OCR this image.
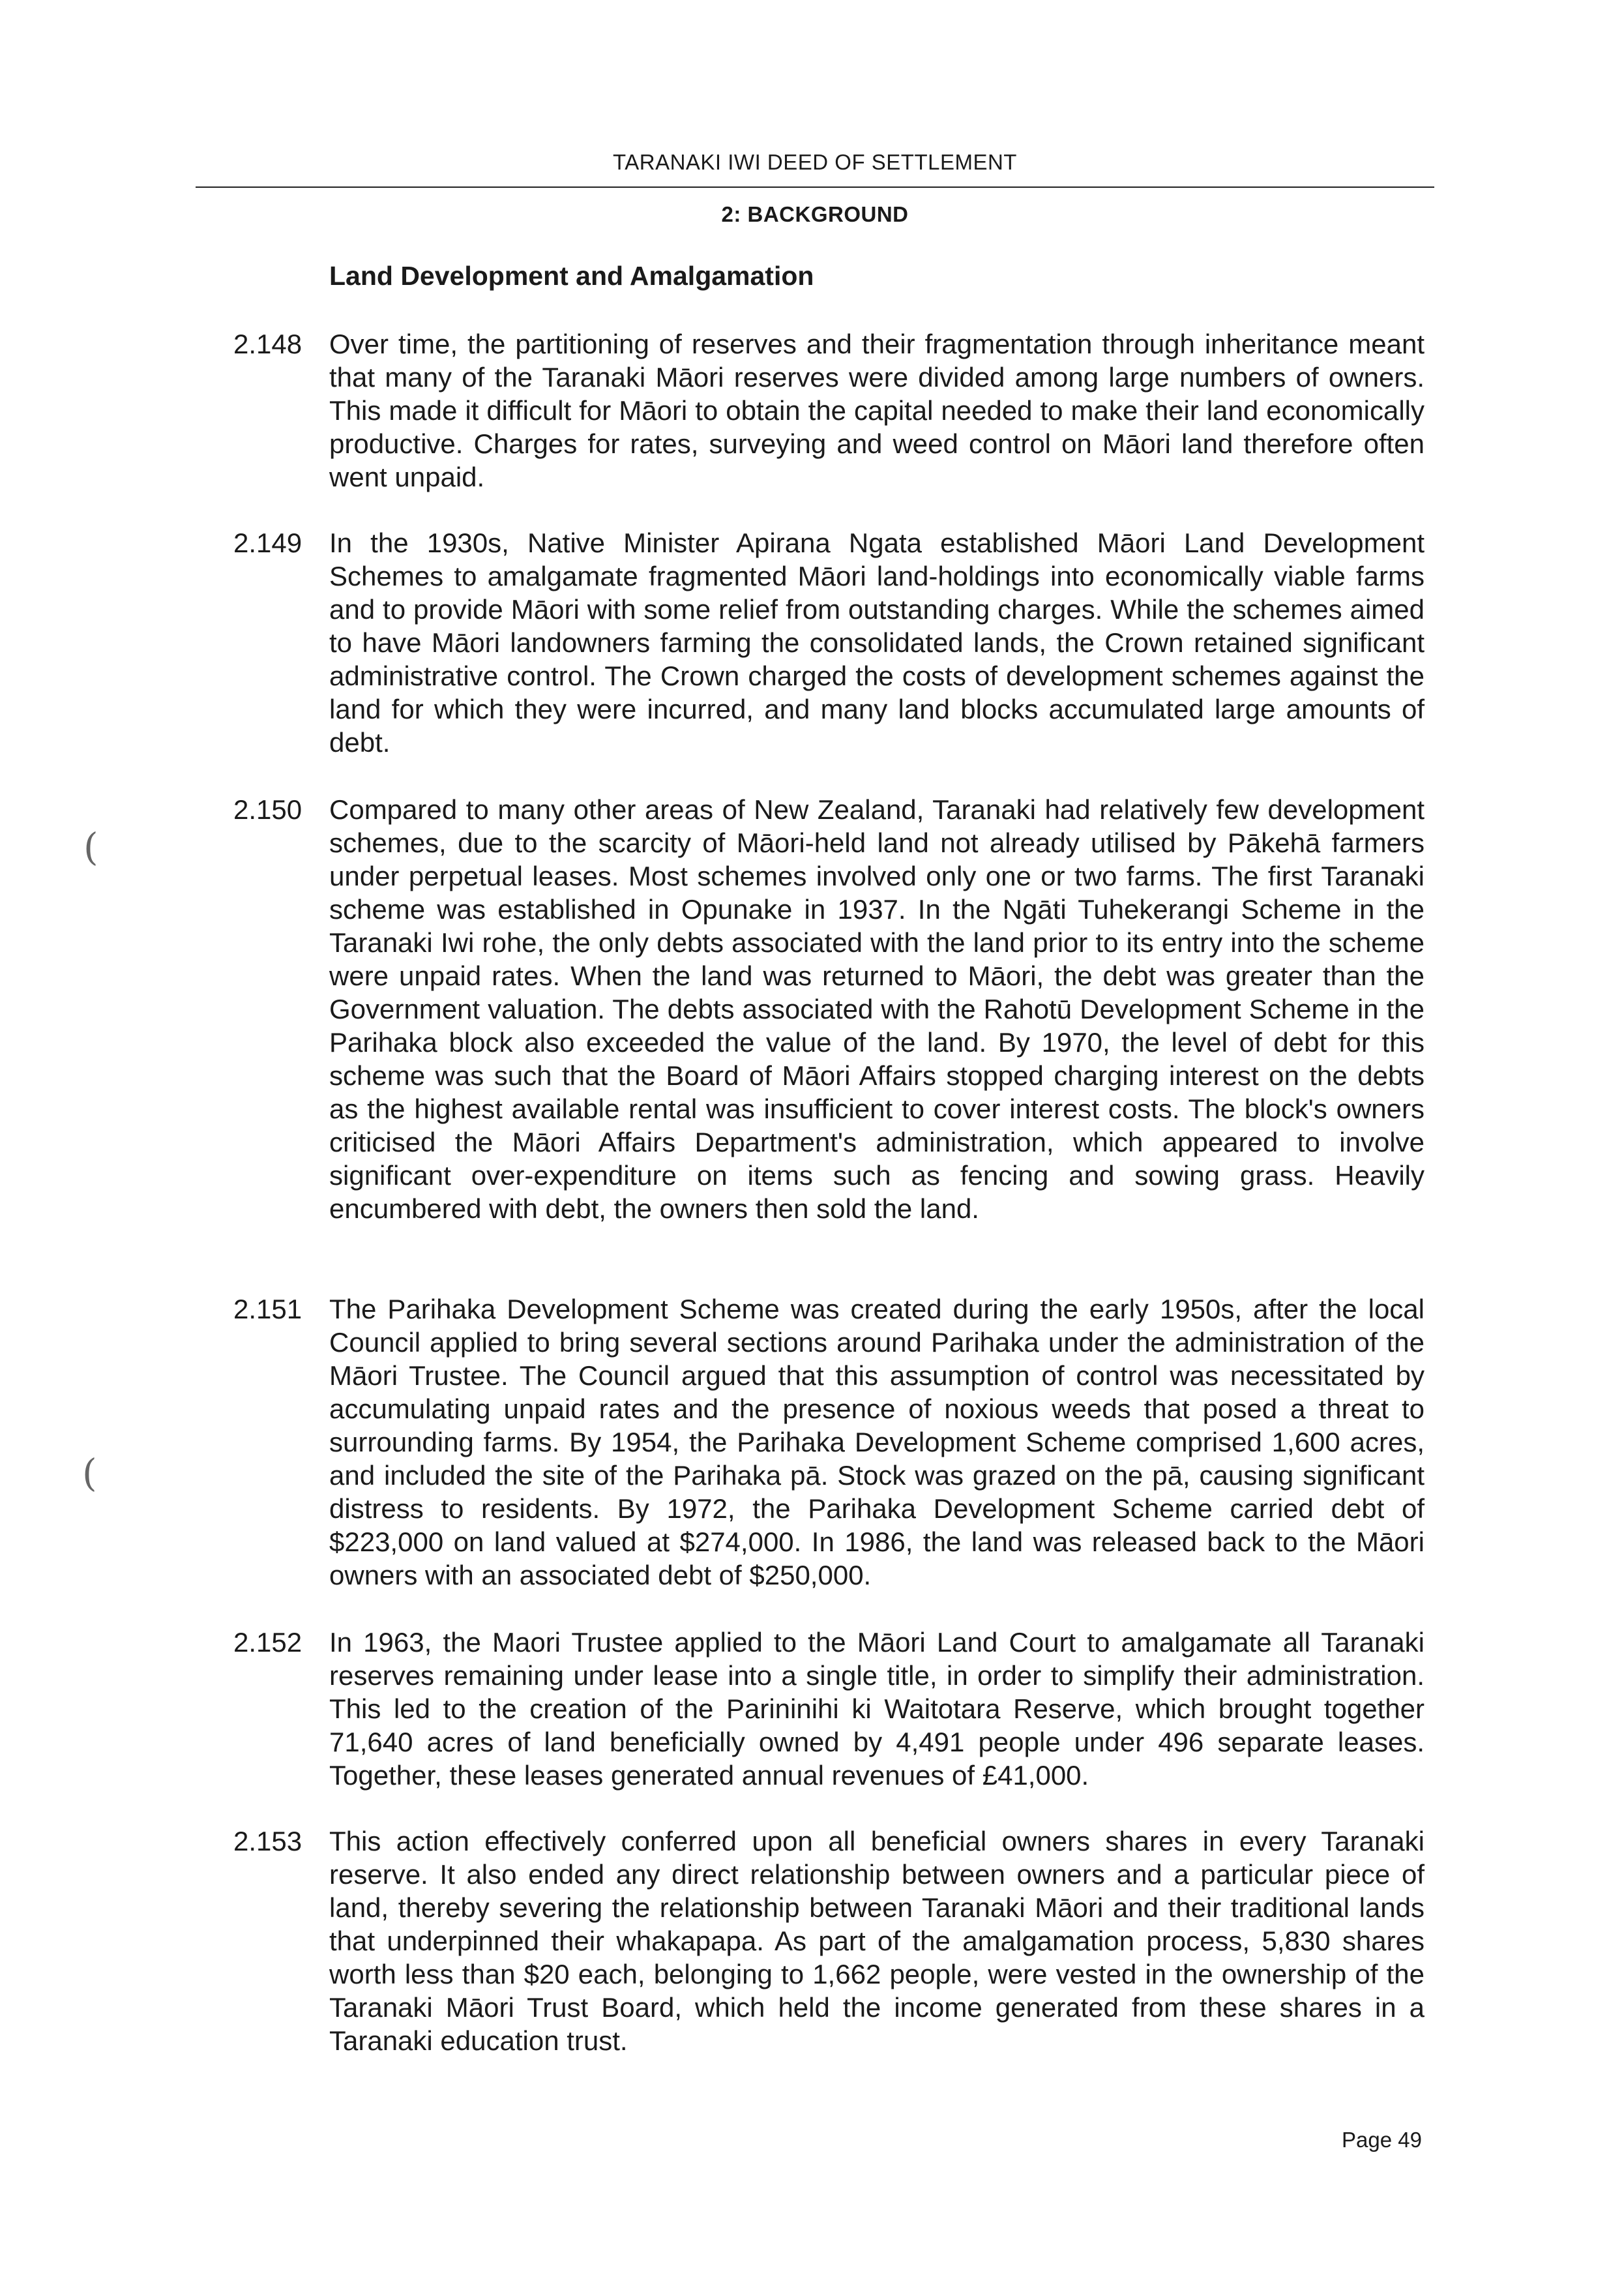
TARANAKI IWI DEED OF SETTLEMENT
2: BACKGROUND
Land Development and Amalgamation
2.148 Over time, the partitioning of reserves and their fragmentation through inheritance meant that many of the Taranaki Māori reserves were divided among large numbers of owners. This made it difficult for Māori to obtain the capital needed to make their land economically productive. Charges for rates, surveying and weed control on Māori land therefore often went unpaid.
2.149 In the 1930s, Native Minister Apirana Ngata established Māori Land Development Schemes to amalgamate fragmented Māori land-holdings into economically viable farms and to provide Māori with some relief from outstanding charges. While the schemes aimed to have Māori landowners farming the consolidated lands, the Crown retained significant administrative control. The Crown charged the costs of development schemes against the land for which they were incurred, and many land blocks accumulated large amounts of debt.
2.150 Compared to many other areas of New Zealand, Taranaki had relatively few development schemes, due to the scarcity of Māori-held land not already utilised by Pākehā farmers under perpetual leases. Most schemes involved only one or two farms. The first Taranaki scheme was established in Opunake in 1937. In the Ngāti Tuhekerangi Scheme in the Taranaki Iwi rohe, the only debts associated with the land prior to its entry into the scheme were unpaid rates. When the land was returned to Māori, the debt was greater than the Government valuation. The debts associated with the Rahotū Development Scheme in the Parihaka block also exceeded the value of the land. By 1970, the level of debt for this scheme was such that the Board of Māori Affairs stopped charging interest on the debts as the highest available rental was insufficient to cover interest costs. The block's owners criticised the Māori Affairs Department's administration, which appeared to involve significant over-expenditure on items such as fencing and sowing grass. Heavily encumbered with debt, the owners then sold the land.
2.151 The Parihaka Development Scheme was created during the early 1950s, after the local Council applied to bring several sections around Parihaka under the administration of the Māori Trustee. The Council argued that this assumption of control was necessitated by accumulating unpaid rates and the presence of noxious weeds that posed a threat to surrounding farms. By 1954, the Parihaka Development Scheme comprised 1,600 acres, and included the site of the Parihaka pā. Stock was grazed on the pā, causing significant distress to residents. By 1972, the Parihaka Development Scheme carried debt of $223,000 on land valued at $274,000. In 1986, the land was released back to the Māori owners with an associated debt of $250,000.
2.152 In 1963, the Maori Trustee applied to the Māori Land Court to amalgamate all Taranaki reserves remaining under lease into a single title, in order to simplify their administration. This led to the creation of the Parininihi ki Waitotara Reserve, which brought together 71,640 acres of land beneficially owned by 4,491 people under 496 separate leases. Together, these leases generated annual revenues of £41,000.
2.153 This action effectively conferred upon all beneficial owners shares in every Taranaki reserve. It also ended any direct relationship between owners and a particular piece of land, thereby severing the relationship between Taranaki Māori and their traditional lands that underpinned their whakapapa. As part of the amalgamation process, 5,830 shares worth less than $20 each, belonging to 1,662 people, were vested in the ownership of the Taranaki Māori Trust Board, which held the income generated from these shares in a Taranaki education trust.
(
(
Page 49
